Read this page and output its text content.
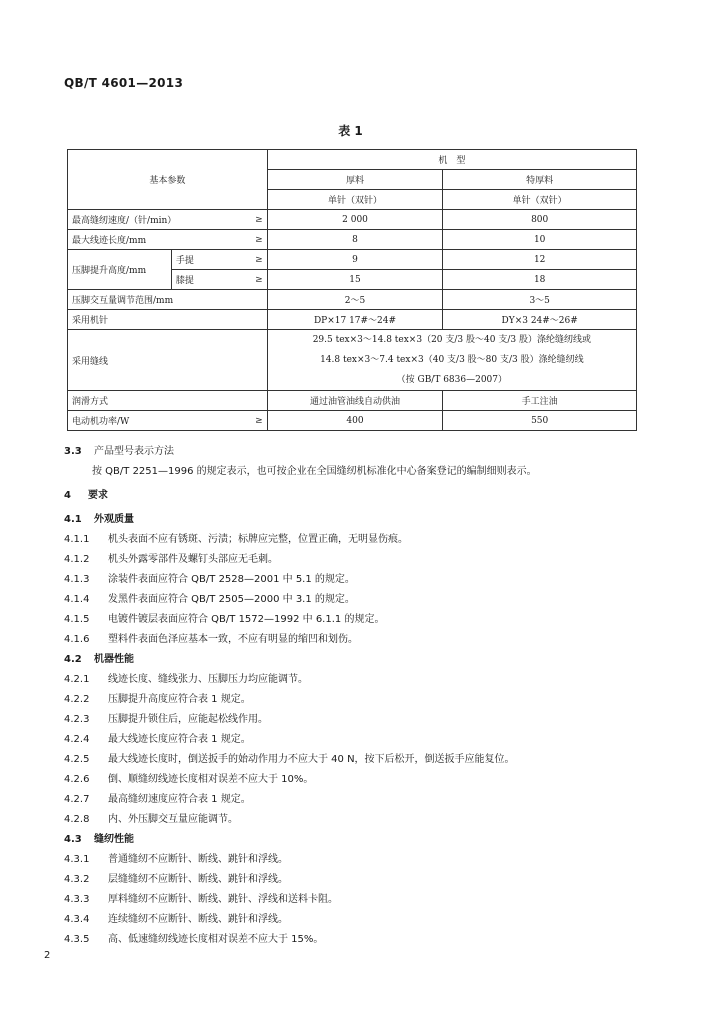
QB/T 4601—2013
表 1
基本参数			机　型	
			厚料	特厚料
			单针（双针）	单针（双针）
最高缝纫速度/（针/min）		≥	2 000	800
最大线迹长度/mm		≥	8	10
压脚提升高度/mm	手提	≥	9	12
	膝提	≥	15	18
压脚交互量调节范围/mm			2～5	3～5
采用机针			DP×17 17#～24#	DY×3 24#～26#
采用缝线			29.5 tex×3～14.8 tex×3（20 支/3 股～40 支/3 股）涤纶缝纫线或
14.8 tex×3～7.4 tex×3（40 支/3 股～80 支/3 股）涤纶缝纫线
（按 GB/T 6836—2007）	

润滑方式			通过油管油线自动供油	手工注油
电动机功率/W		≥	400	550
3.3 产品型号表示方法
按 QB/T 2251—1996 的规定表示，也可按企业在全国缝纫机标准化中心备案登记的编制细则表示。
4 要求
4.1 外观质量
4.1.1 机头表面不应有锈斑、污渍；标牌应完整，位置正确，无明显伤痕。
4.1.2 机头外露零部件及螺钉头部应无毛刺。
4.1.3 涂装件表面应符合 QB/T 2528—2001 中 5.1 的规定。
4.1.4 发黑件表面应符合 QB/T 2505—2000 中 3.1 的规定。
4.1.5 电镀件镀层表面应符合 QB/T 1572—1992 中 6.1.1 的规定。
4.1.6 塑料件表面色泽应基本一致，不应有明显的缩凹和划伤。
4.2 机器性能
4.2.1 线迹长度、缝线张力、压脚压力均应能调节。
4.2.2 压脚提升高度应符合表 1 规定。
4.2.3 压脚提升锁住后，应能起松线作用。
4.2.4 最大线迹长度应符合表 1 规定。
4.2.5 最大线迹长度时，倒送扳手的始动作用力不应大于 40 N，按下后松开，倒送扳手应能复位。
4.2.6 倒、顺缝纫线迹长度相对误差不应大于 10%。
4.2.7 最高缝纫速度应符合表 1 规定。
4.2.8 内、外压脚交互量应能调节。
4.3 缝纫性能
4.3.1 普通缝纫不应断针、断线、跳针和浮线。
4.3.2 层缝缝纫不应断针、断线、跳针和浮线。
4.3.3 厚料缝纫不应断针、断线、跳针、浮线和送料卡阻。
4.3.4 连续缝纫不应断针、断线、跳针和浮线。
4.3.5 高、低速缝纫线迹长度相对误差不应大于 15%。
2
